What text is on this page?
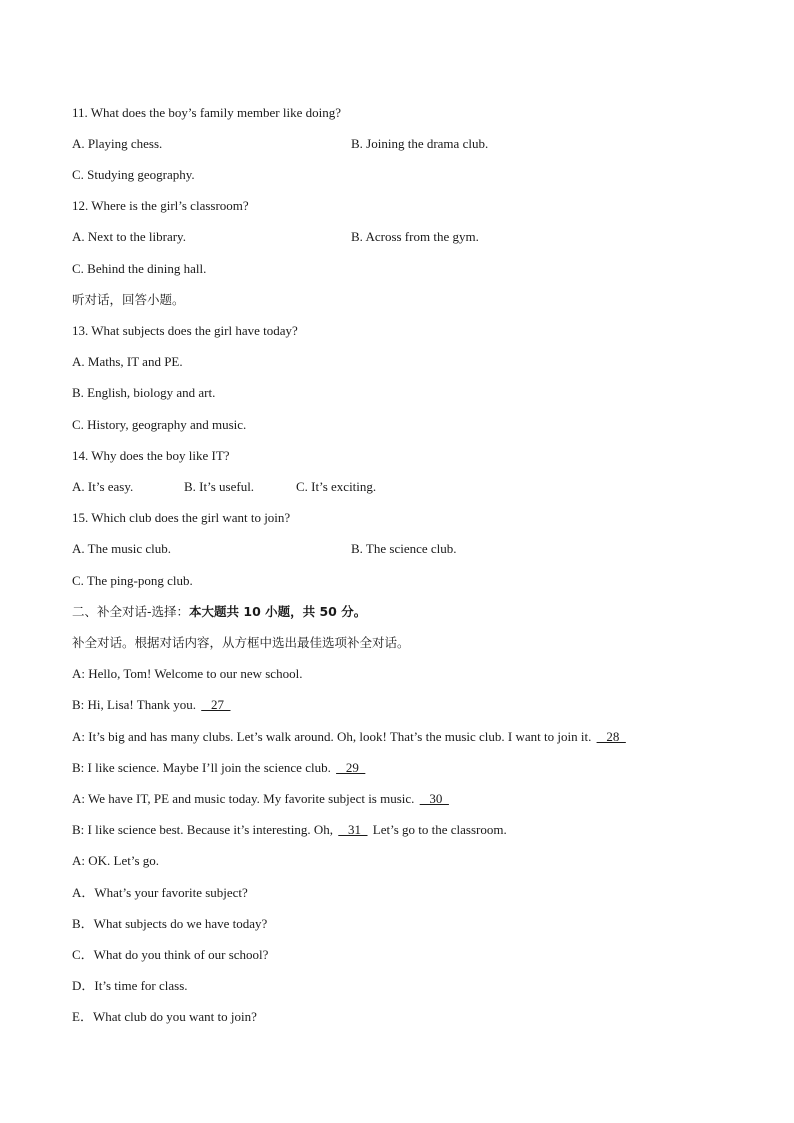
11. What does the boy’s family member like doing?
A. Playing chess.	B. Joining the drama club.
C. Studying geography.
12. Where is the girl’s classroom?
A. Next to the library.	B. Across from the gym.
C. Behind the dining hall.
听对话，回答小题。
13. What subjects does the girl have today?
A. Maths, IT and PE.
B. English, biology and art.
C. History, geography and music.
14. Why does the boy like IT?
A. It’s easy.	B. It’s useful.	C. It’s exciting.
15. Which club does the girl want to join?
A. The music club.	B. The science club.
C. The ping-pong club.
二、补全对话-选择：本大题共 10 小题，共 50 分。
补全对话。根据对话内容，从方框中选出最佳选项补全对话。
A: Hello, Tom! Welcome to our new school.
B: Hi, Lisa! Thank you.    27
A: It’s big and has many clubs. Let’s walk around. Oh, look! That’s the music club. I want to join it.    28
B: I like science. Maybe I’ll join the science club.    29
A: We have IT, PE and music today. My favorite subject is music.    30
B: I like science best. Because it’s interesting. Oh,    31   Let’s go to the classroom.
A: OK. Let’s go.
A．What’s your favorite subject?
B．What subjects do we have today?
C．What do you think of our school?
D．It’s time for class.
E．What club do you want to join?
